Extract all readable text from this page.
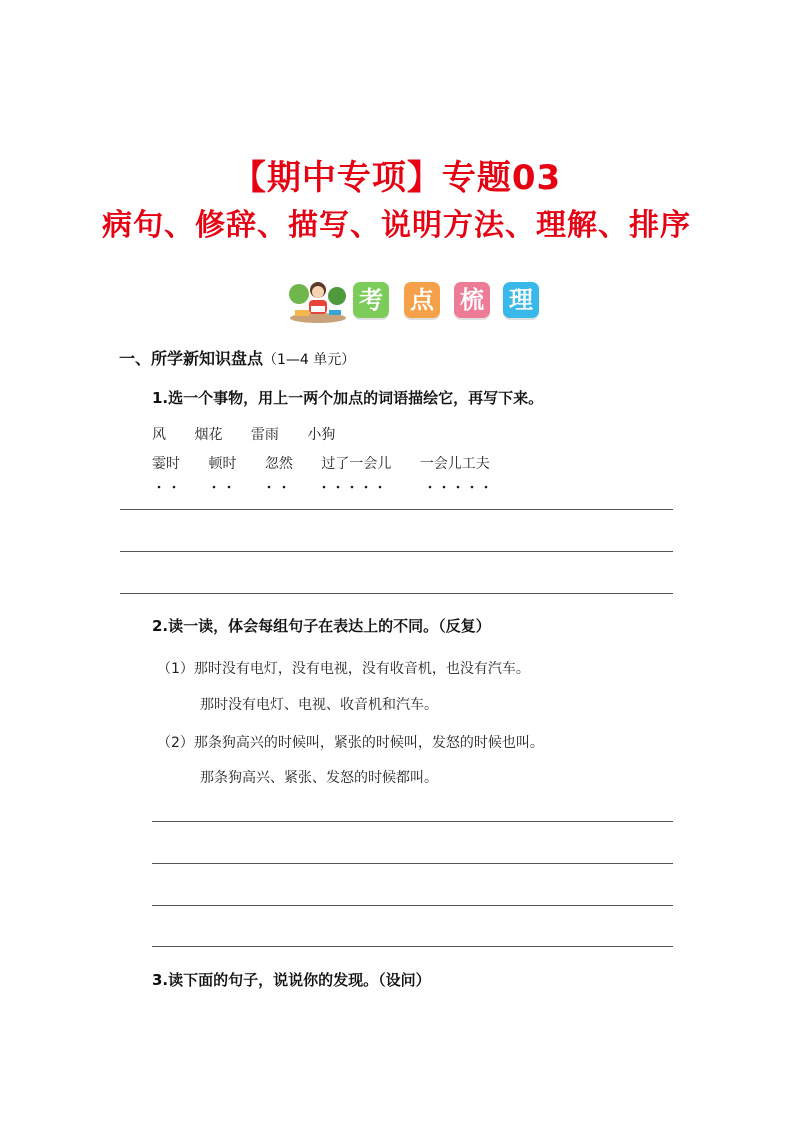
【期中专项】专题03
病句、修辞、描写、说明方法、理解、排序
考 点 梳 理
一、所学新知识盘点（1—4 单元）
1.选一个事物，用上一两个加点的词语描绘它，再写下来。
风 烟花 雷雨 小狗
霎时 顿时 忽然 过了一会儿 一会儿工夫
2.读一读，体会每组句子在表达上的不同。（反复）
（1）那时没有电灯，没有电视，没有收音机，也没有汽车。
那时没有电灯、电视、收音机和汽车。
（2）那条狗高兴的时候叫，紧张的时候叫，发怒的时候也叫。
那条狗高兴、紧张、发怒的时候都叫。
3.读下面的句子，说说你的发现。（设问）
